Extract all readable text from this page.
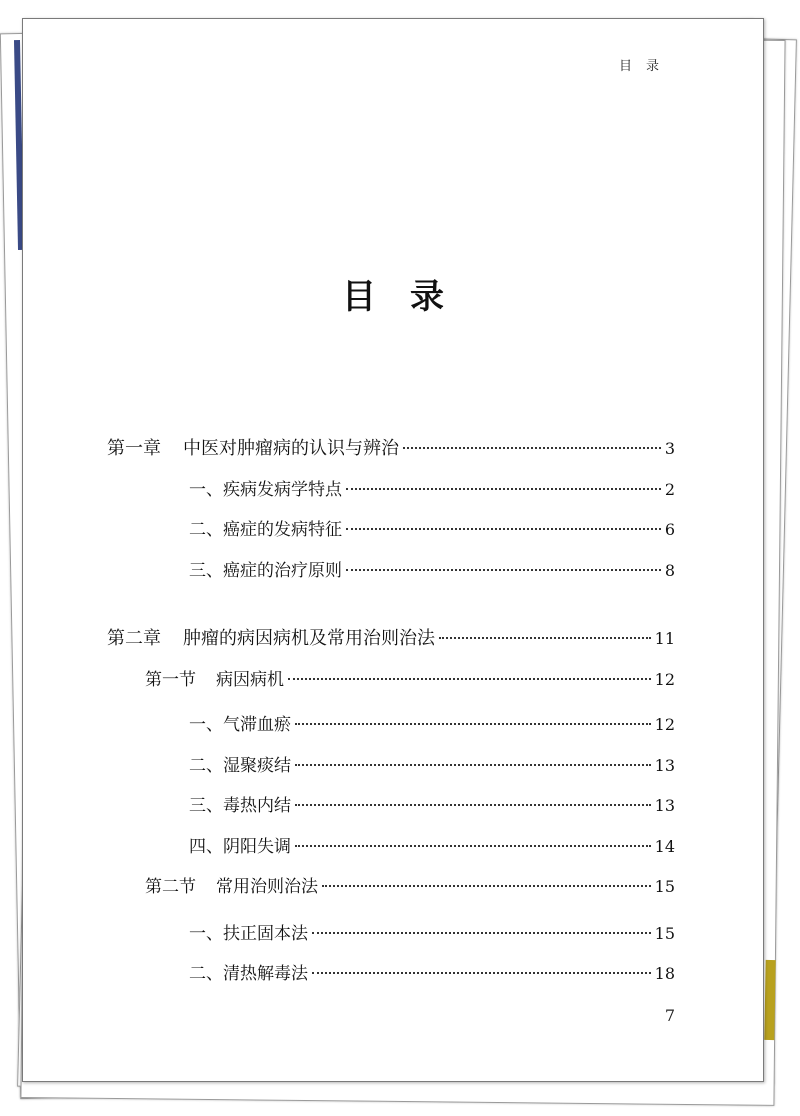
目录
目录
第一章 中医对肿瘤病的认识与辨治	3
一、疾病发病学特点	2
二、癌症的发病特征	6
三、癌症的治疗原则	8
第二章 肿瘤的病因病机及常用治则治法	11
第一节 病因病机	12
一、气滞血瘀	12
二、湿聚痰结	13
三、毒热内结	13
四、阴阳失调	14
第二节 常用治则治法	15
一、扶正固本法	15
二、清热解毒法	18
7
